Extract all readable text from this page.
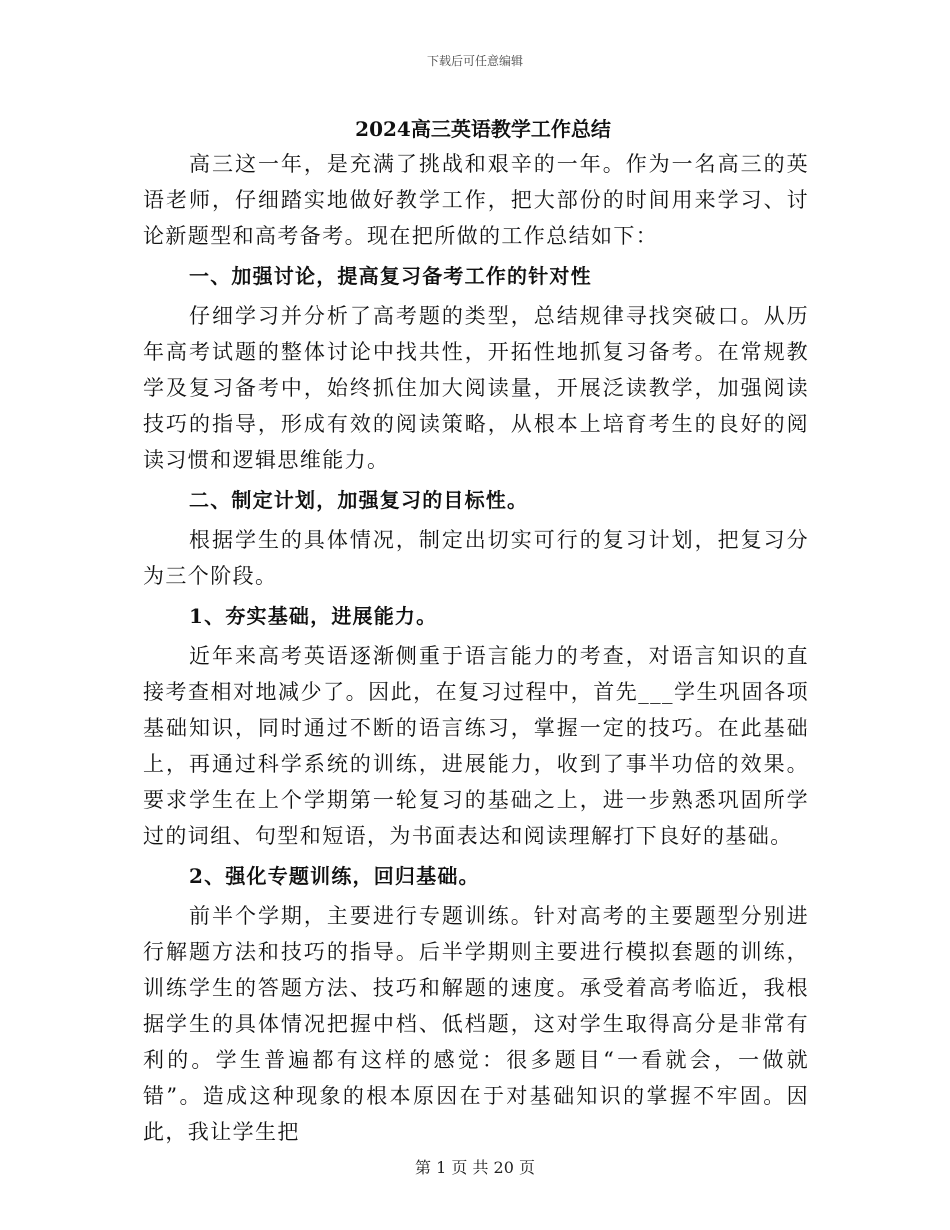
下载后可任意编辑
2024高三英语教学工作总结

高三这一年，是充满了挑战和艰辛的一年。作为一名高三的英语老师，仔细踏实地做好教学工作，把大部份的时间用来学习、讨论新题型和高考备考。现在把所做的工作总结如下：

一、加强讨论，提高复习备考工作的针对性

仔细学习并分析了高考题的类型，总结规律寻找突破口。从历年高考试题的整体讨论中找共性，开拓性地抓复习备考。在常规教学及复习备考中，始终抓住加大阅读量，开展泛读教学，加强阅读技巧的指导，形成有效的阅读策略，从根本上培育考生的良好的阅读习惯和逻辑思维能力。

二、制定计划，加强复习的目标性。

根据学生的具体情况，制定出切实可行的复习计划，把复习分为三个阶段。

1、夯实基础，进展能力。

近年来高考英语逐渐侧重于语言能力的考查，对语言知识的直接考查相对地减少了。因此，在复习过程中，首先___学生巩固各项基础知识，同时通过不断的语言练习，掌握一定的技巧。在此基础上，再通过科学系统的训练，进展能力，收到了事半功倍的效果。要求学生在上个学期第一轮复习的基础之上，进一步熟悉巩固所学过的词组、句型和短语，为书面表达和阅读理解打下良好的基础。

2、强化专题训练，回归基础。

前半个学期，主要进行专题训练。针对高考的主要题型分别进行解题方法和技巧的指导。后半学期则主要进行模拟套题的训练，训练学生的答题方法、技巧和解题的速度。承受着高考临近，我根据学生的具体情况把握中档、低档题，这对学生取得高分是非常有利的。学生普遍都有这样的感觉：很多题目“一看就会，一做就错”。造成这种现象的根本原因在于对基础知识的掌握不牢固。因此，我让学生把

第 1 页 共 20 页
